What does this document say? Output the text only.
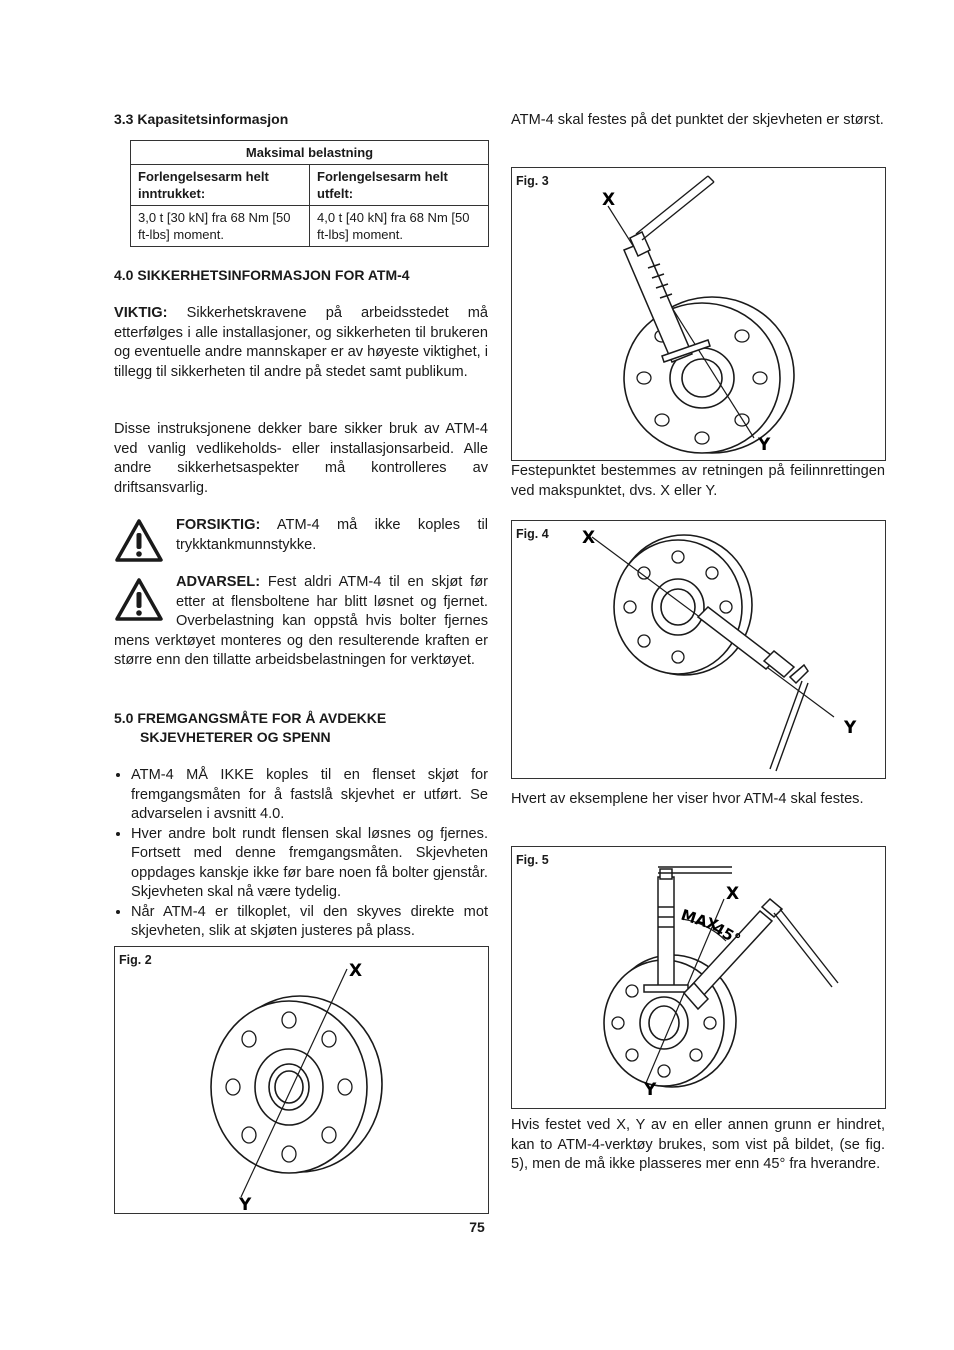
3.3 Kapasitetsinformasjon
Maksimal belastning	
Forlengelsesarm helt inntrukket:	Forlengelsesarm helt utfelt:
3,0 t [30 kN] fra 68 Nm [50 ft-lbs] moment.	4,0 t [40 kN] fra 68 Nm [50 ft-lbs] moment.
4.0 SIKKERHETSINFORMASJON FOR ATM-4
VIKTIG: Sikkerhetskravene på arbeidsstedet må etterfølges i alle installasjoner, og sikkerheten til brukeren og eventuelle andre mannskaper er av høyeste viktighet, i tillegg til sikkerheten til andre på stedet samt publikum.
Disse instruksjonene dekker bare sikker bruk av ATM-4 ved vanlig vedlikeholds- eller installasjonsarbeid. Alle andre sikkerhetsaspekter må kontrolleres av driftsansvarlig.
FORSIKTIG: ATM-4 må ikke koples til trykktankmunnstykke.
ADVARSEL: Fest aldri ATM-4 til en skjøt før etter at flensboltene har blitt løsnet og fjernet. Overbelastning kan oppstå hvis bolter fjernes mens verktøyet monteres og den resulterende kraften er større enn den tillatte arbeidsbelastningen for verktøyet.
5.0 FREMGANGSMÅTE FOR Å AVDEKKE
SKJEVHETERER OG SPENN
• ATM-4 MÅ IKKE koples til en flenset skjøt for fremgangsmåten for å fastslå skjevhet er utført. Se advarselen i avsnitt 4.0.
• Hver andre bolt rundt flensen skal løsnes og fjernes. Fortsett med denne fremgangsmåten. Skjevheten oppdages kanskje ikke før bare noen få bolter gjenstår. Skjevheten skal nå være tydelig.
• Når ATM-4 er tilkoplet, vil den skyves direkte mot skjevheten, slik at skjøten justeres på plass.
Fig. 2
X
Y
ATM-4 skal festes på det punktet der skjevheten er størst.
Fig. 3
X
Y
Festepunktet bestemmes av retningen på feilinnrettingen ved makspunktet, dvs. X eller Y.
Fig. 4 X
Y
Hvert av eksemplene her viser hvor ATM-4 skal festes.
Fig. 5
MAX
45°
X
Y
Hvis festet ved X, Y av en eller annen grunn er hindret, kan to ATM-4-verktøy brukes, som vist på bildet, (se fig. 5), men de må ikke plasseres mer enn 45° fra hverandre.
75
